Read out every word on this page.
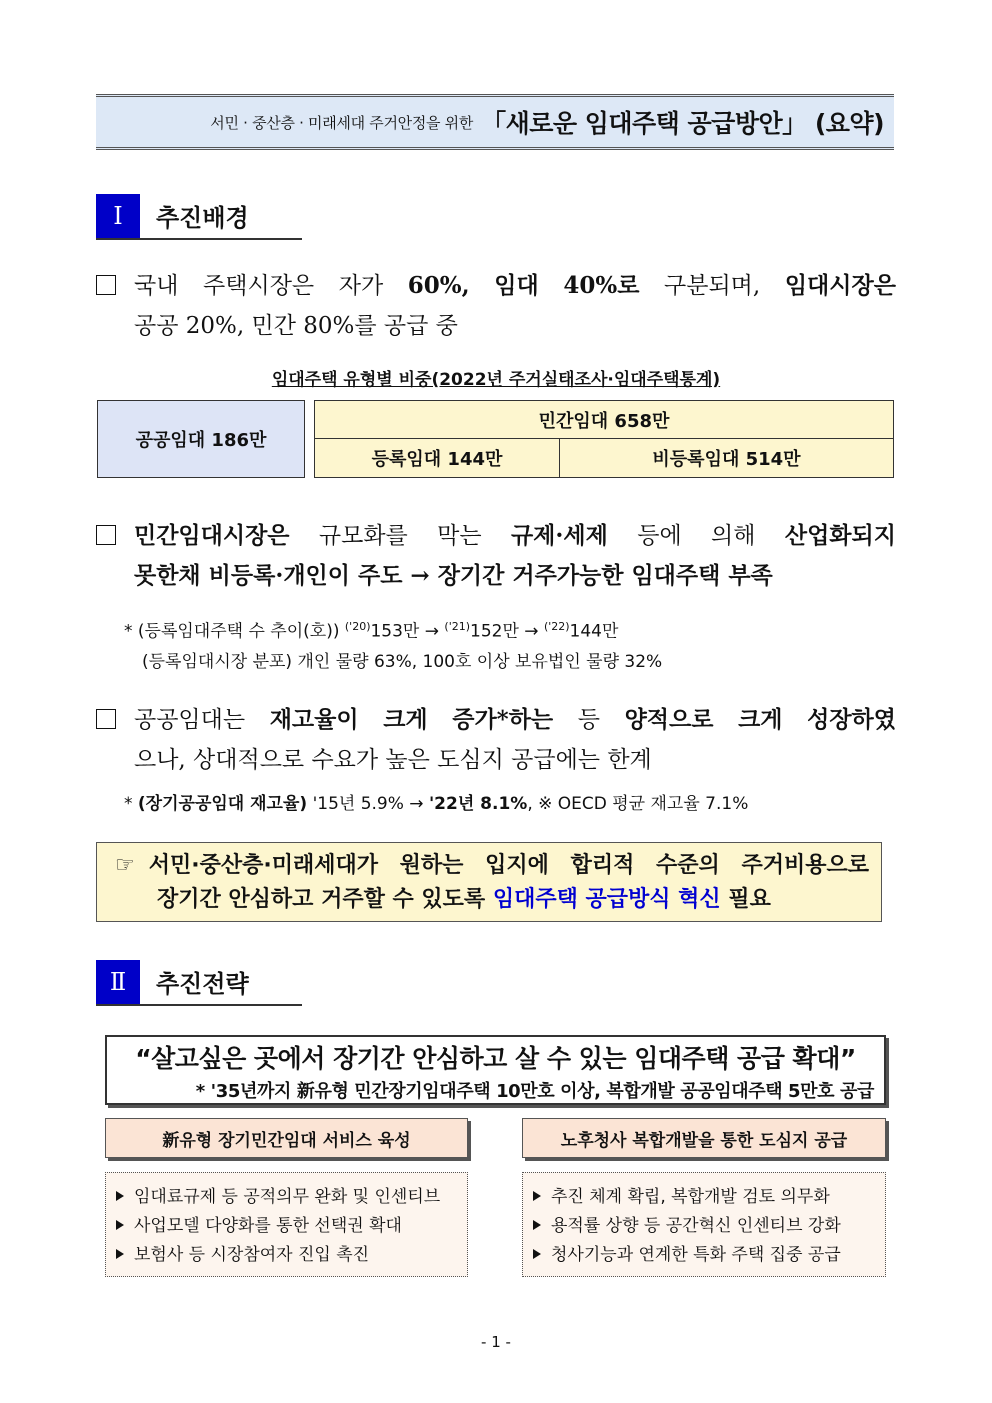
서민 · 중산층 · 미래세대 주거안정을 위한 「새로운 임대주택 공급방안」 (요약)
Ⅰ	추진배경
국내 주택시장은 자가 60%, 임대 40%로 구분되며, 임대시장은
공공 20%, 민간 80%를 공급 중
임대주택 유형별 비중(2022년 주거실태조사·임대주택통계)
공공임대 186만
민간임대 658만
등록임대 144만	비등록임대 514만
민간임대시장은 규모화를 막는 규제·세제 등에 의해 산업화되지
못한채 비등록·개인이 주도 → 장기간 거주가능한 임대주택 부족
* (등록임대주택 수 추이(호)) $^{('20)}$153만 → $^{('21)}$152만 → $^{('22)}$144만
(등록임대시장 분포) 개인 물량 63%, 100호 이상 보유법인 물량 32%
공공임대는 재고율이 크게 증가*하는 등 양적으로 크게 성장하였
으나, 상대적으로 수요가 높은 도심지 공급에는 한계
* (장기공공임대 재고율) '15년 5.9% → '22년 8.1%, ※ OECD 평균 재고율 7.1%
☞ 서민·중산층·미래세대가 원하는 입지에 합리적 수준의 주거비용으로
장기간 안심하고 거주할 수 있도록 임대주택 공급방식 혁신 필요
Ⅱ	추진전략
“살고싶은 곳에서 장기간 안심하고 살 수 있는 임대주택 공급 확대”
* '35년까지 新유형 민간장기임대주택 10만호 이상, 복합개발 공공임대주택 5만호 공급
新유형 장기민간임대 서비스 육성
임대료규제 등 공적의무 완화 및 인센티브
사업모델 다양화를 통한 선택권 확대
보험사 등 시장참여자 진입 촉진
노후청사 복합개발을 통한 도심지 공급
추진 체계 확립, 복합개발 검토 의무화
용적률 상향 등 공간혁신 인센티브 강화
청사기능과 연계한 특화 주택 집중 공급
- 1 -
